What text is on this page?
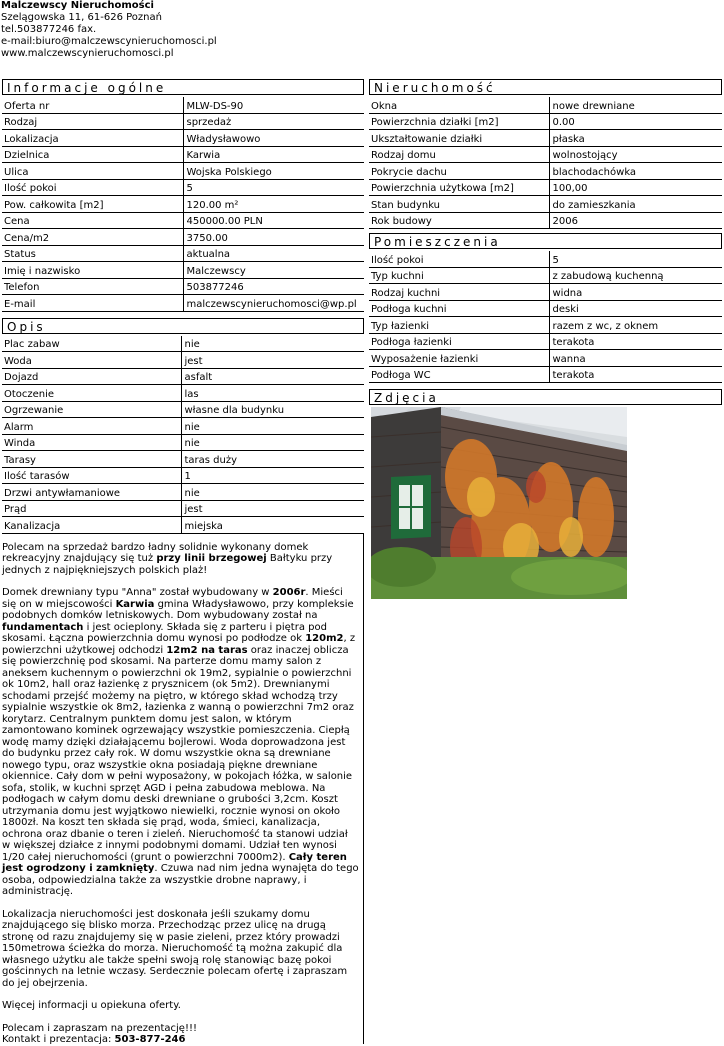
Malczewscy Nieruchomości
Szelągowska 11, 61-626 Poznań
tel.503877246 fax.
e-mail:biuro@malczewscynieruchomosci.pl
www.malczewscynieruchomosci.pl
Informacje ogólne
Oferta nr	MLW-DS-90
Rodzaj	sprzedaż
Lokalizacja	Władysławowo
Dzielnica	Karwia
Ulica	Wojska Polskiego
Ilość pokoi	5
Pow. całkowita [m2]	120.00 m²
Cena	450000.00 PLN
Cena/m2	3750.00
Status	aktualna
Imię i nazwisko	Malczewscy
Telefon	503877246
E-mail	malczewscynieruchomosci@wp.pl
Opis
Plac zabaw	nie
Woda	jest
Dojazd	asfalt
Otoczenie	las
Ogrzewanie	własne dla budynku
Alarm	nie
Winda	nie
Tarasy	taras duży
Ilość tarasów	1
Drzwi antywłamaniowe	nie
Prąd	jest
Kanalizacja	miejska

Polecam na sprzedaż bardzo ładny solidnie wykonany domek rekreacyjny znajdujący się tuż przy linii brzegowej Bałtyku przy jednych z najpiękniejszych polskich plaż!

Domek drewniany typu "Anna" został wybudowany w 2006r. Mieści się on w miejscowości Karwia gmina Władysławowo, przy kompleksie podobnych domków letniskowych. Dom wybudowany został na fundamentach i jest ocieplony. Składa się z parteru i piętra pod skosami. Łączna powierzchnia domu wynosi po podłodze ok 120m2, z powierzchni użytkowej odchodzi 12m2 na taras oraz inaczej oblicza się powierzchnię pod skosami. Na parterze domu mamy salon z aneksem kuchennym o powierzchni ok 19m2, sypialnie o powierzchni ok 10m2, hall oraz łazienkę z prysznicem (ok 5m2). Drewnianymi schodami przejść możemy na piętro, w którego skład wchodzą trzy sypialnie wszystkie ok 8m2, łazienka z wanną o powierzchni 7m2 oraz korytarz. Centralnym punktem domu jest salon, w którym zamontowano kominek ogrzewający wszystkie pomieszczenia. Ciepłą wodę mamy dzięki działającemu bojlerowi. Woda doprowadzona jest do budynku przez cały rok. W domu wszystkie okna są drewniane nowego typu, oraz wszystkie okna posiadają piękne drewniane okiennice. Cały dom w pełni wyposażony, w pokojach łóżka, w salonie sofa, stolik, w kuchni sprzęt AGD i pełna zabudowa meblowa. Na podłogach w całym domu deski drewniane o grubości 3,2cm. Koszt utrzymania domu jest wyjątkowo niewielki, rocznie wynosi on około 1800zł. Na koszt ten składa się prąd, woda, śmieci, kanalizacja, ochrona oraz dbanie o teren i zieleń. Nieruchomość ta stanowi udział w większej działce z innymi podobnymi domami. Udział ten wynosi 1/20 całej nieruchomości (grunt o powierzchni 7000m2). Cały teren jest ogrodzony i zamknięty. Czuwa nad nim jedna wynajęta do tego osoba, odpowiedzialna także za wszystkie drobne naprawy, i administrację.

Lokalizacja nieruchomości jest doskonała jeśli szukamy domu znajdującego się blisko morza. Przechodząc przez ulicę na drugą stronę od razu znajdujemy się w pasie zieleni, przez który prowadzi 150metrowa ścieżka do morza. Nieruchomość tą można zakupić dla własnego użytku ale także spełni swoją rolę stanowiąc bazę pokoi gościnnych na letnie wczasy. Serdecznie polecam ofertę i zapraszam do jej obejrzenia.

Więcej informacji u opiekuna oferty.

Polecam i zapraszam na prezentację!!!
Kontakt i prezentacja: 503-877-246

Nieruchomość
Okna	nowe drewniane
Powierzchnia działki [m2]	0.00
Ukształtowanie działki	płaska
Rodzaj domu	wolnostojący
Pokrycie dachu	blachodachówka
Powierzchnia użytkowa [m2]	100,00
Stan budynku	do zamieszkania
Rok budowy	2006
Pomieszczenia
Ilość pokoi	5
Typ kuchni	z zabudową kuchenną
Rodzaj kuchni	widna
Podłoga kuchni	deski
Typ łazienki	razem z wc, z oknem
Podłoga łazienki	terakota
Wyposażenie łazienki	wanna
Podłoga WC	terakota
Zdjęcia
